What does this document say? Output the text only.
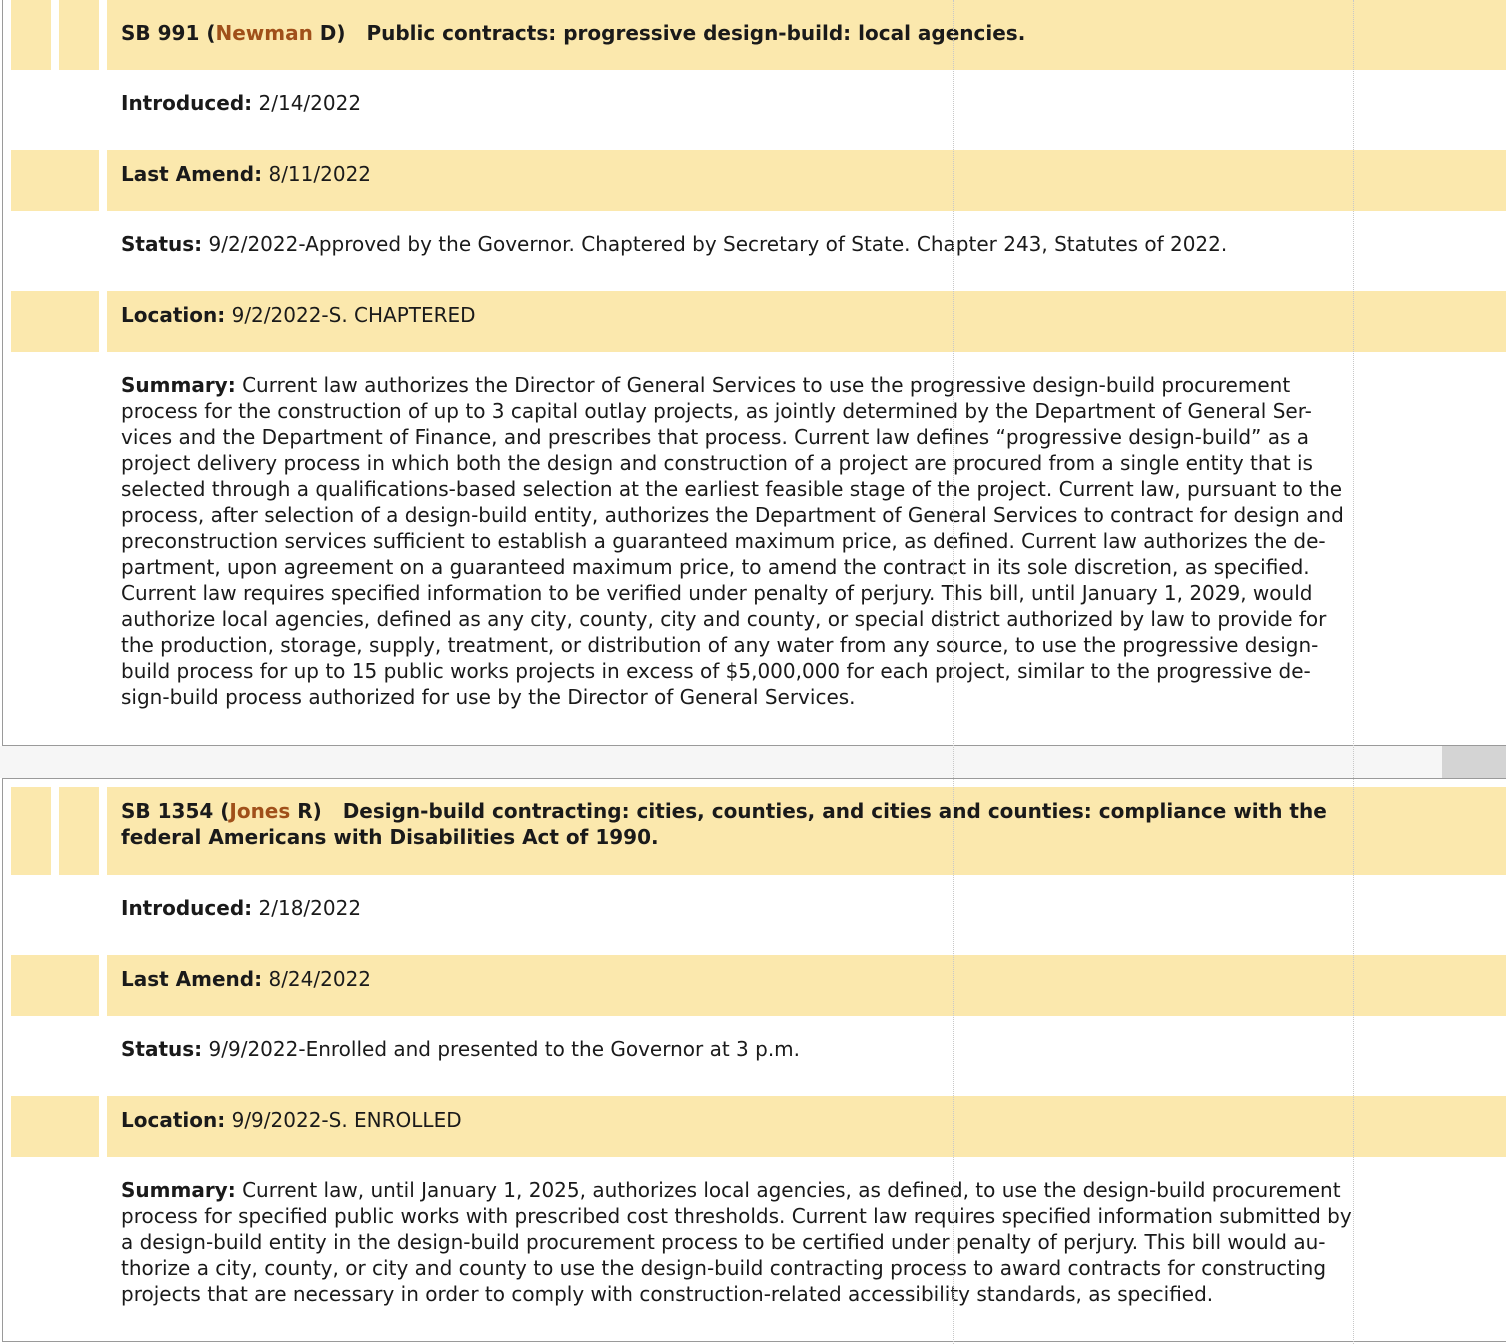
SB 991 (Newman D)   Public contracts: progressive design-build: local agencies.
Introduced: 2/14/2022
Last Amend: 8/11/2022
Status: 9/2/2022-Approved by the Governor. Chaptered by Secretary of State. Chapter 243, Statutes of 2022.
Location: 9/2/2022-S. CHAPTERED
Summary: Current law authorizes the Director of General Services to use the progressive design-build procurement
process for the construction of up to 3 capital outlay projects, as jointly determined by the Department of General Ser-
vices and the Department of Finance, and prescribes that process. Current law defines “progressive design-build” as a
project delivery process in which both the design and construction of a project are procured from a single entity that is
selected through a qualifications-based selection at the earliest feasible stage of the project. Current law, pursuant to the
process, after selection of a design-build entity, authorizes the Department of General Services to contract for design and
preconstruction services sufficient to establish a guaranteed maximum price, as defined. Current law authorizes the de-
partment, upon agreement on a guaranteed maximum price, to amend the contract in its sole discretion, as specified.
Current law requires specified information to be verified under penalty of perjury. This bill, until January 1, 2029, would
authorize local agencies, defined as any city, county, city and county, or special district authorized by law to provide for
the production, storage, supply, treatment, or distribution of any water from any source, to use the progressive design-
build process for up to 15 public works projects in excess of $5,000,000 for each project, similar to the progressive de-
sign-build process authorized for use by the Director of General Services.
SB 1354 (Jones R)   Design-build contracting: cities, counties, and cities and counties: compliance with the
federal Americans with Disabilities Act of 1990.
Introduced: 2/18/2022
Last Amend: 8/24/2022
Status: 9/9/2022-Enrolled and presented to the Governor at 3 p.m.
Location: 9/9/2022-S. ENROLLED
Summary: Current law, until January 1, 2025, authorizes local agencies, as defined, to use the design-build procurement
process for specified public works with prescribed cost thresholds. Current law requires specified information submitted by
a design-build entity in the design-build procurement process to be certified under penalty of perjury. This bill would au-
thorize a city, county, or city and county to use the design-build contracting process to award contracts for constructing
projects that are necessary in order to comply with construction-related accessibility standards, as specified.
